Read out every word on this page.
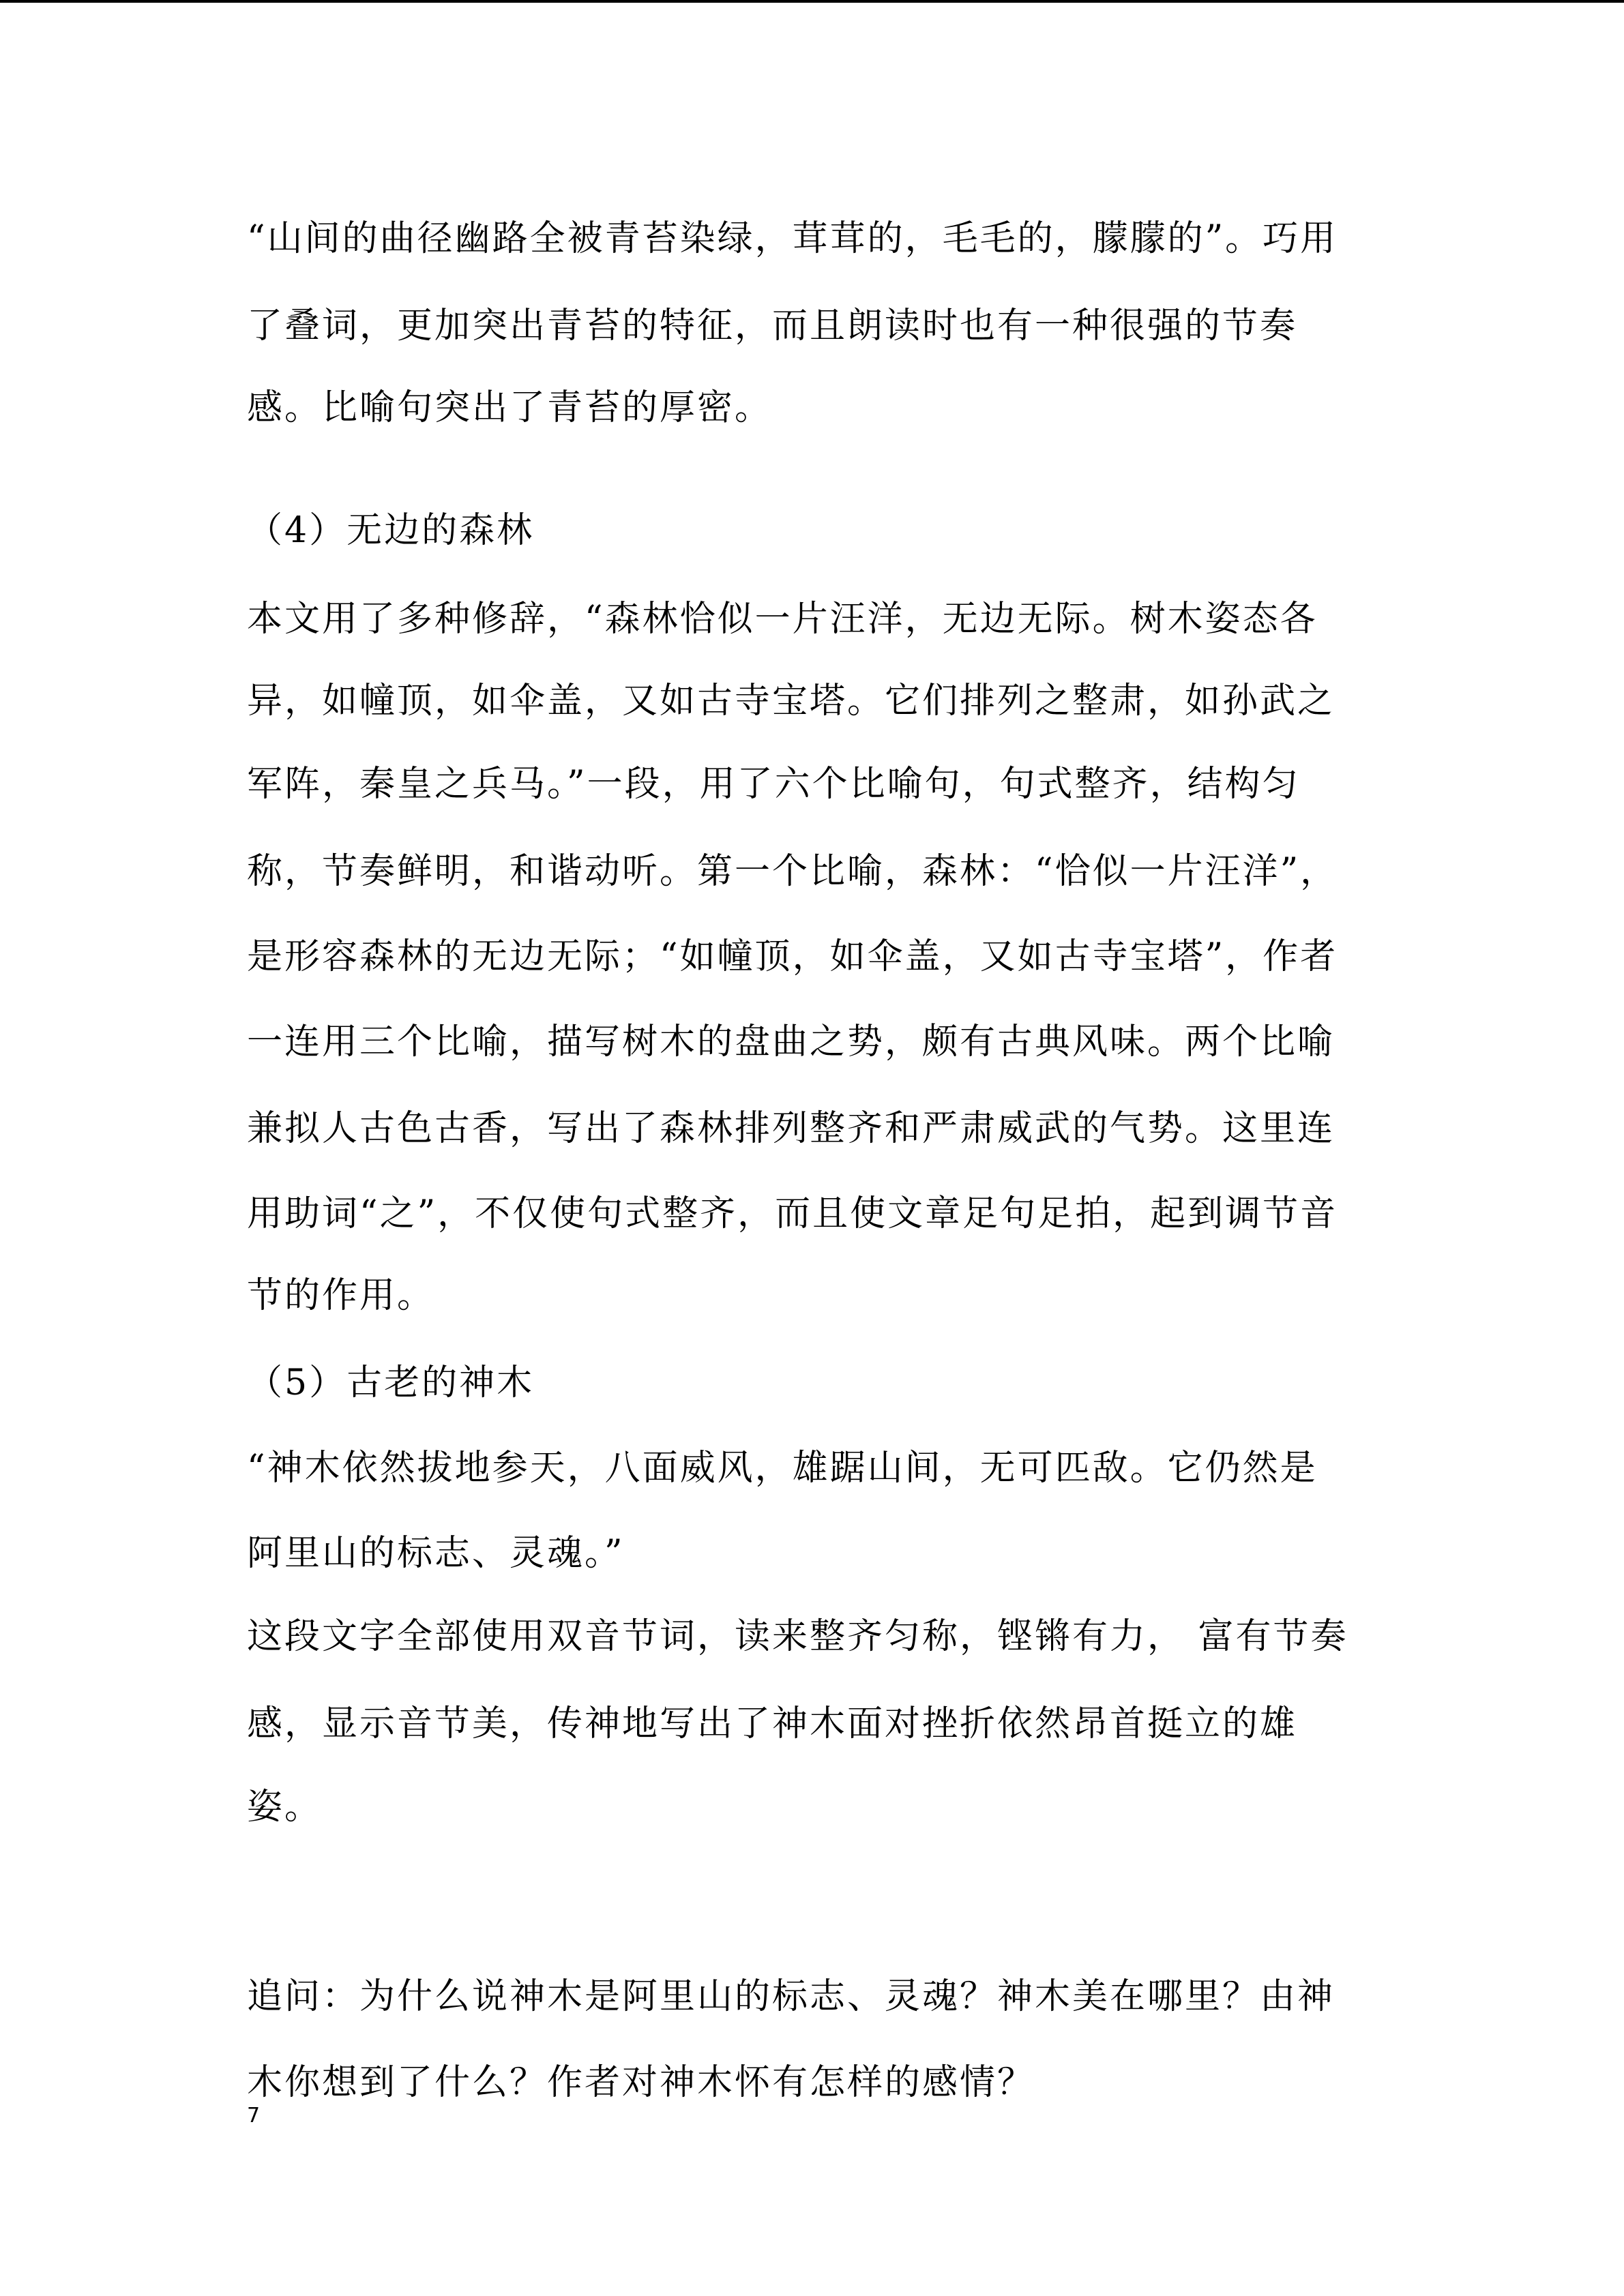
“山间的曲径幽路全被青苔染绿，茸茸的，毛毛的，朦朦的”。巧用
了叠词，更加突出青苔的特征，而且朗读时也有一种很强的节奏
感。比喻句突出了青苔的厚密。
（4）无边的森林
本文用了多种修辞，“森林恰似一片汪洋，无边无际。树木姿态各
异，如幢顶，如伞盖，又如古寺宝塔。它们排列之整肃，如孙武之
军阵，秦皇之兵马。”一段，用了六个比喻句，句式整齐，结构匀
称，节奏鲜明，和谐动听。第一个比喻，森林：“恰似一片汪洋”，
是形容森林的无边无际；“如幢顶，如伞盖，又如古寺宝塔”，作者
一连用三个比喻，描写树木的盘曲之势，颇有古典风味。两个比喻
兼拟人古色古香，写出了森林排列整齐和严肃威武的气势。这里连
用助词“之”，不仅使句式整齐，而且使文章足句足拍，起到调节音
节的作用。
（5）古老的神木
“神木依然拔地参天，八面威风，雄踞山间，无可匹敌。它仍然是
阿里山的标志、灵魂。”
这段文字全部使用双音节词，读来整齐匀称，铿锵有力， 富有节奏
感，显示音节美，传神地写出了神木面对挫折依然昂首挺立的雄
姿。
追问：为什么说神木是阿里山的标志、灵魂？神木美在哪里？由神
木你想到了什么？作者对神木怀有怎样的感情？
7
